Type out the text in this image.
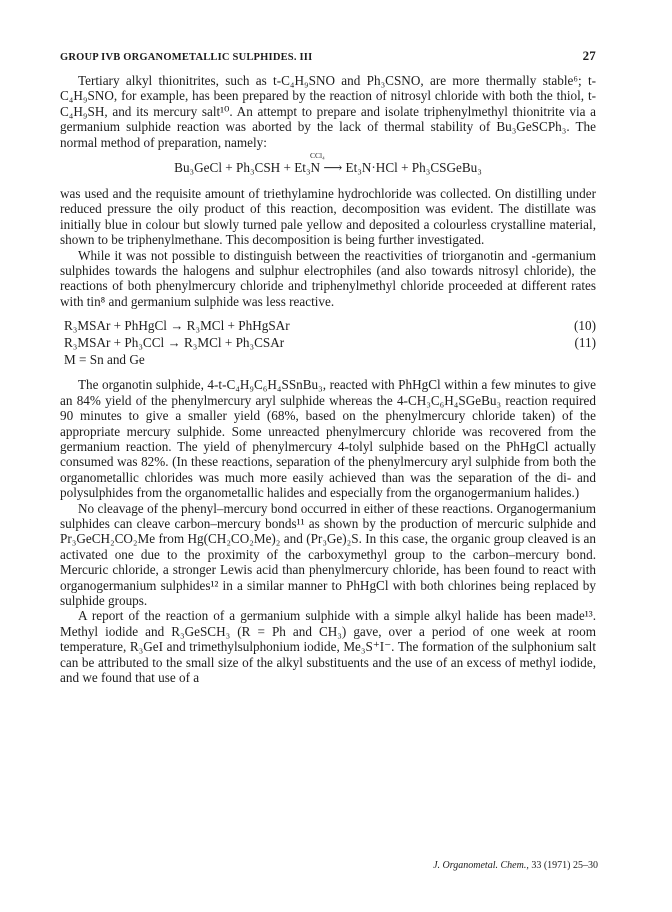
GROUP IVB ORGANOMETALLIC SULPHIDES. III	27

Tertiary alkyl thionitrites, such as t-C₄H₉SNO and Ph₃CSNO, are more thermally stable⁶; t-C₄H₉SNO, for example, has been prepared by the reaction of nitrosyl chloride with both the thiol, t-C₄H₉SH, and its mercury salt¹⁰. An attempt to prepare and isolate triphenylmethyl thionitrite via a germanium sulphide reaction was aborted by the lack of thermal stability of Bu₃GeSCPh₃. The normal method of preparation, namely:

CCl₄
Bu₃GeCl + Ph₃CSH + Et₃N ⟶ Et₃N·HCl + Ph₃CSGeBu₃

was used and the requisite amount of triethylamine hydrochloride was collected. On distilling under reduced pressure the oily product of this reaction, decomposition was evident. The distillate was initially blue in colour but slowly turned pale yellow and deposited a colourless crystalline material, shown to be triphenylmethane. This decomposition is being further investigated.

While it was not possible to distinguish between the reactivities of triorganotin and -germanium sulphides towards the halogens and sulphur electrophiles (and also towards nitrosyl chloride), the reactions of both phenylmercury chloride and triphenylmethyl chloride proceeded at different rates with tin⁸ and germanium sulphide was less reactive.

R₃MSAr + PhHgCl → R₃MCl + PhHgSAr	(10)
R₃MSAr + Ph₃CCl → R₃MCl + Ph₃CSAr	(11)
M = Sn and Ge

The organotin sulphide, 4-t-C₄H₉C₆H₄SSnBu₃, reacted with PhHgCl within a few minutes to give an 84% yield of the phenylmercury aryl sulphide whereas the 4-CH₃C₆H₄SGeBu₃ reaction required 90 minutes to give a smaller yield (68%, based on the phenylmercury chloride taken) of the appropriate mercury sulphide. Some unreacted phenylmercury chloride was recovered from the germanium reaction. The yield of phenylmercury 4-tolyl sulphide based on the PhHgCl actually consumed was 82%. (In these reactions, separation of the phenylmercury aryl sulphide from both the organometallic chlorides was much more easily achieved than was the separation of the di- and polysulphides from the organometallic halides and especially from the organogermanium halides.)

No cleavage of the phenyl–mercury bond occurred in either of these reactions. Organogermanium sulphides can cleave carbon–mercury bonds¹¹ as shown by the production of mercuric sulphide and Pr₃GeCH₂CO₂Me from Hg(CH₂CO₂Me)₂ and (Pr₃Ge)₂S. In this case, the organic group cleaved is an activated one due to the proximity of the carboxymethyl group to the carbon–mercury bond. Mercuric chloride, a stronger Lewis acid than phenylmercury chloride, has been found to react with organogermanium sulphides¹² in a similar manner to PhHgCl with both chlorines being replaced by sulphide groups.

A report of the reaction of a germanium sulphide with a simple alkyl halide has been made¹³. Methyl iodide and R₃GeSCH₃ (R = Ph and CH₃) gave, over a period of one week at room temperature, R₃GeI and trimethylsulphonium iodide, Me₃S⁺I⁻. The formation of the sulphonium salt can be attributed to the small size of the alkyl substituents and the use of an excess of methyl iodide, and we found that use of a

J. Organometal. Chem., 33 (1971) 25–30
